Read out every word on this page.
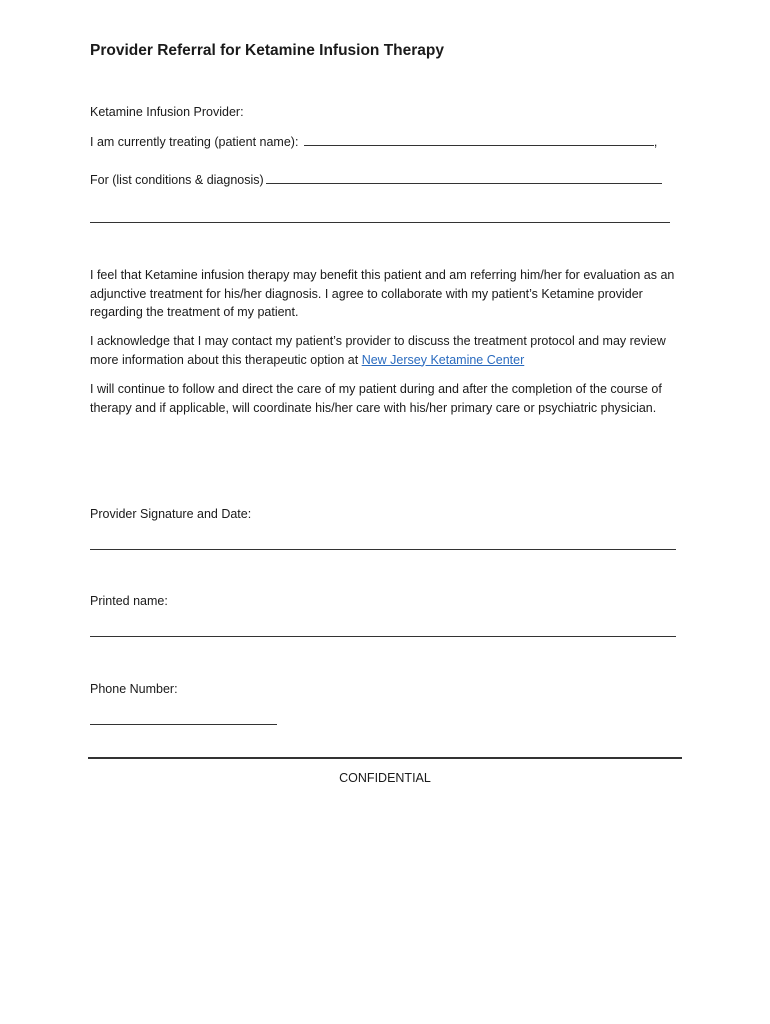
Provider Referral for Ketamine Infusion Therapy
Ketamine Infusion Provider:
I am currently treating (patient name):	,
For (list conditions & diagnosis)
I feel that Ketamine infusion therapy may benefit this patient and am referring him/her for evaluation as an adjunctive treatment for his/her diagnosis. I agree to collaborate with my patient’s Ketamine provider regarding the treatment of my patient.
I acknowledge that I may contact my patient’s provider to discuss the treatment protocol and may review more information about this therapeutic option at New Jersey Ketamine Center
I will continue to follow and direct the care of my patient during and after the completion of the course of therapy and if applicable, will coordinate his/her care with his/her primary care or psychiatric physician.
Provider Signature and Date:
Printed name:
Phone Number:
CONFIDENTIAL
